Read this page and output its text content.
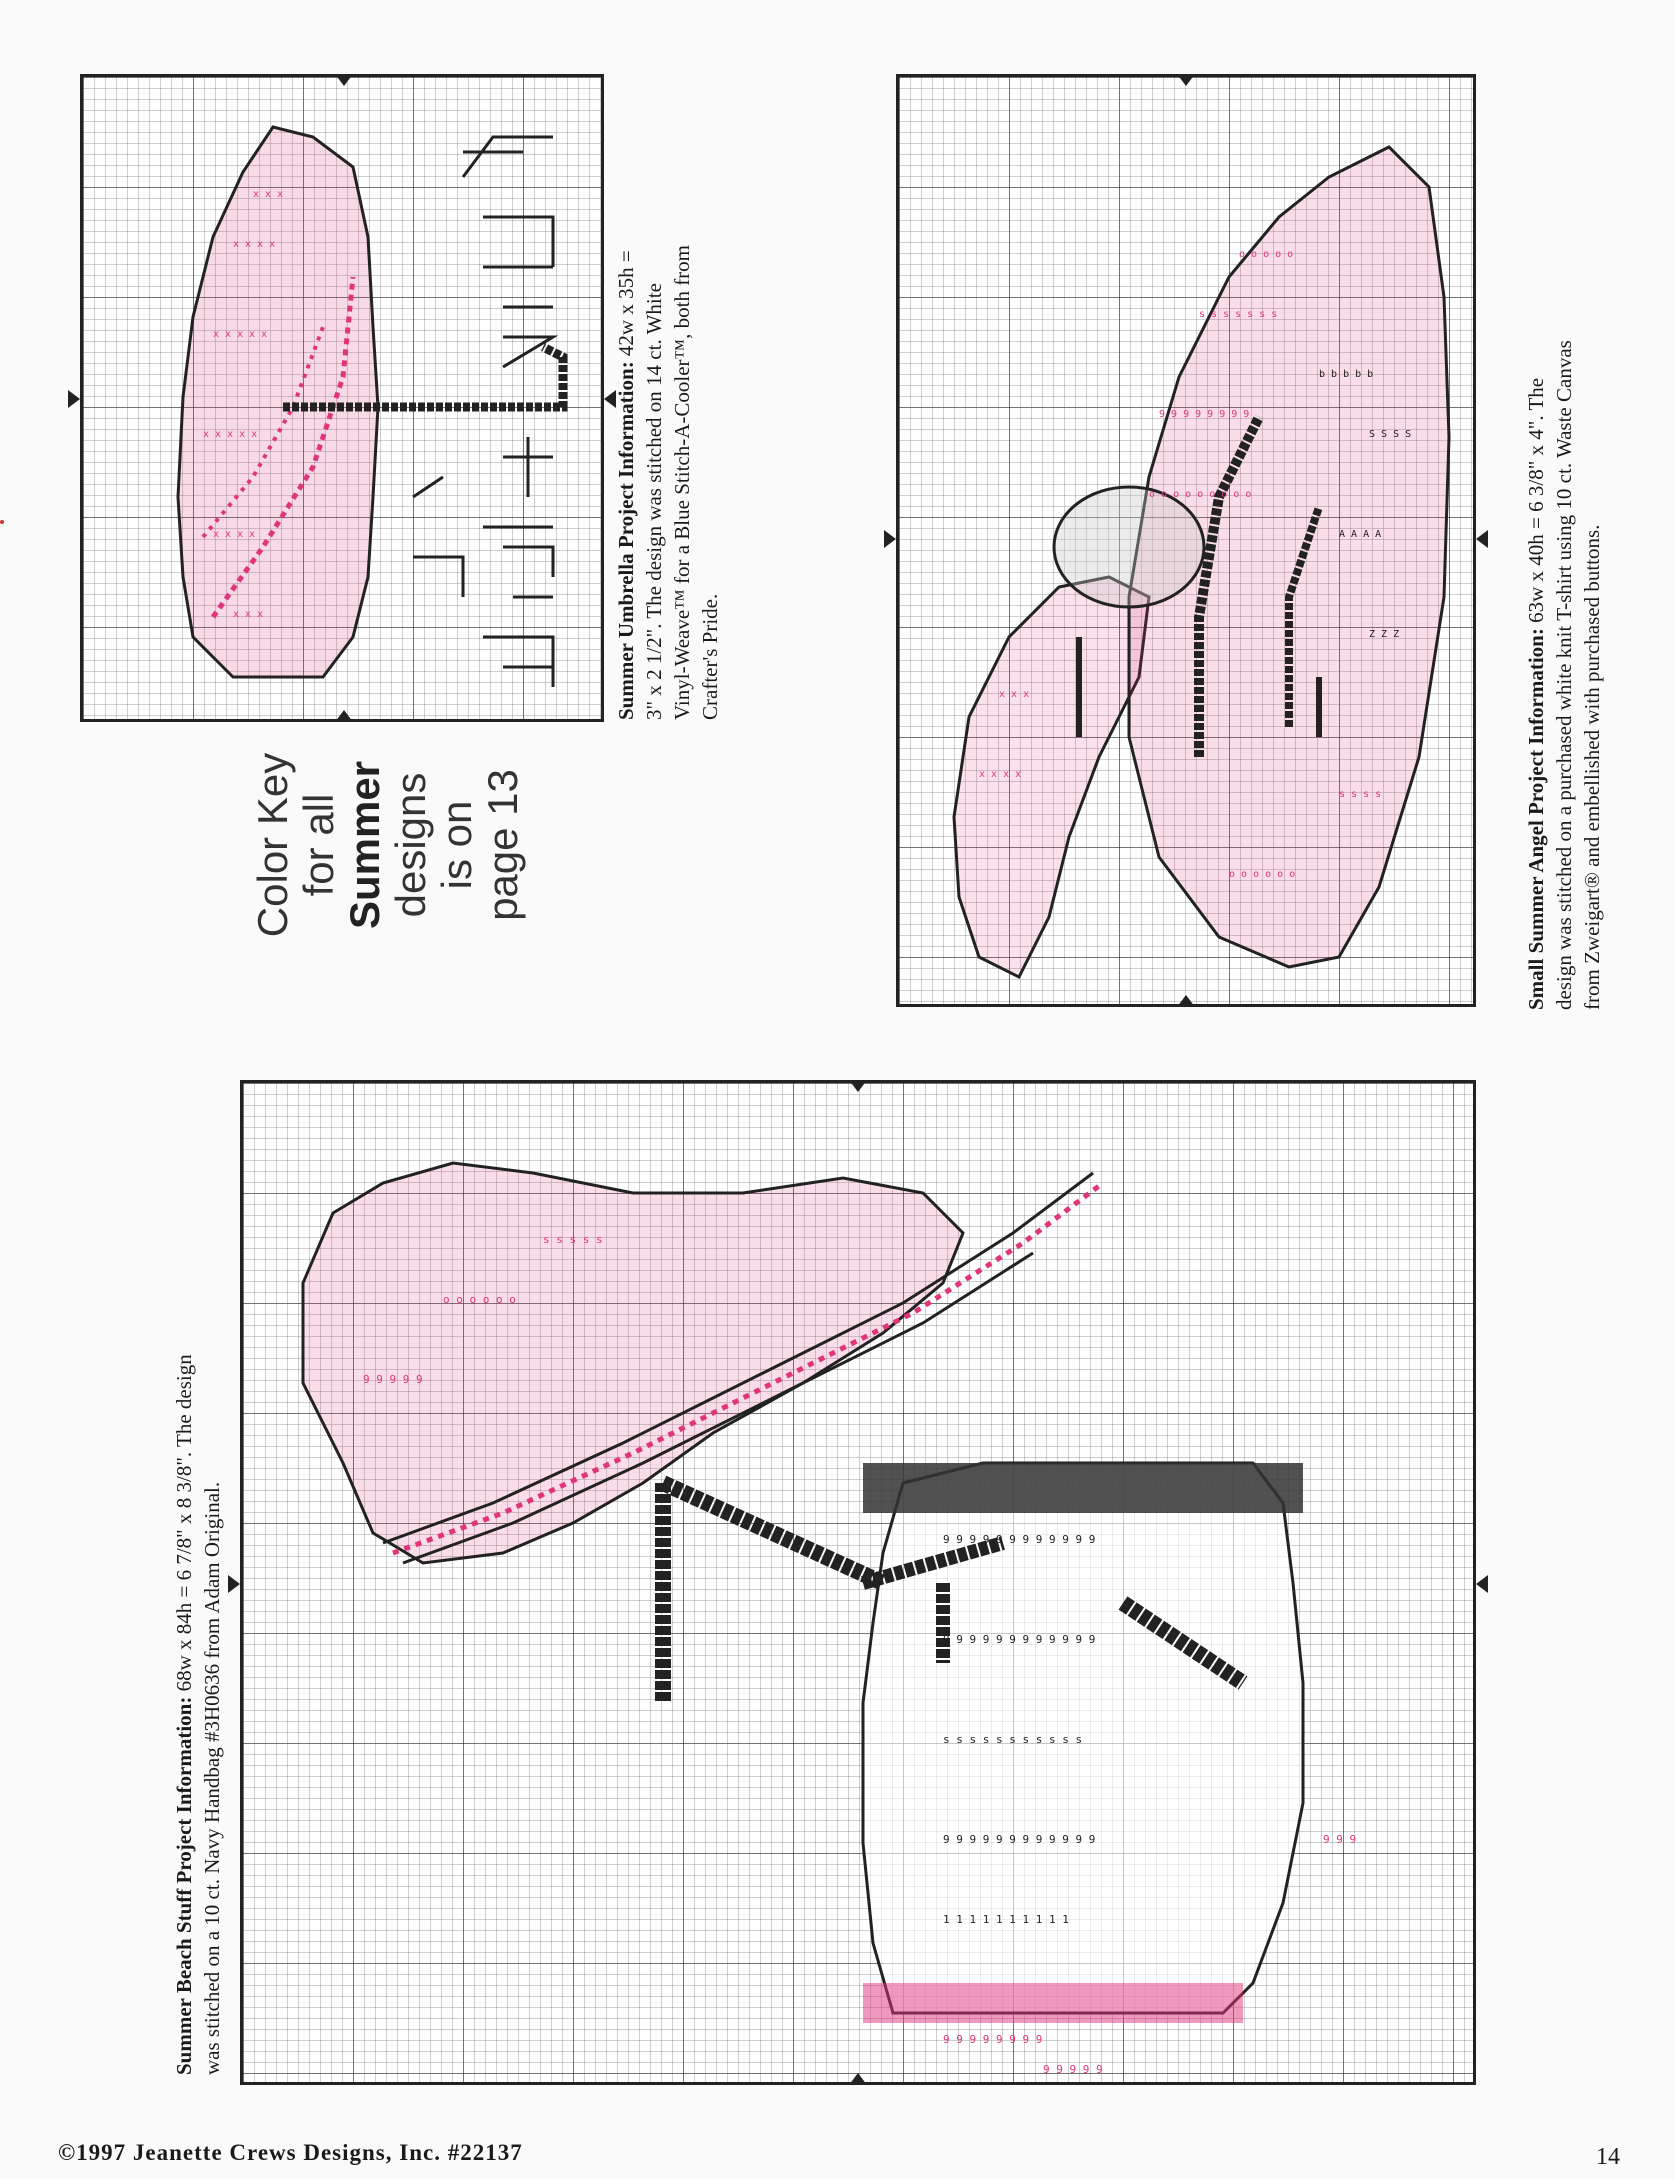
x x x
x x x x
x x x x x
x x x x x
x x x x
x x x
s s s s s s s
o o o o o
9 9 9 9 9 9 9 9
o o o o o o o o o
s s s s
o o o o o o
x x x x
x x x
b b b b b
S S S S
A A A A
Z Z Z
9 9 9 9 9
o o o o o o
s s s s s
9 9 9 9 9 9 9 9
9 9 9 9 9
9 9 9
9 9 9 9 9 9 9 9 9 9 9 9
9 9 9 9 9 9 9 9 9 9 9 9
s s s s s s s s s s s
9 9 9 9 9 9 9 9 9 9 9 9
1 1 1 1 1 1 1 1 1 1
Summer Umbrella Project Information: 42w x 35h = 3" x 2 1/2". The design was stitched on 14 ct. White Vinyl-Weave™ for a Blue Stitch-A-Cooler™, both from Crafter's Pride.	Small Summer Angel Project Information: 63w x 40h = 6 3/8" x 4". The design was stitched on a purchased white knit T-shirt using 10 ct. Waste Canvas from Zweigart® and embellished with purchased buttons.
Summer Beach Stuff Project Information: 68w x 84h = 6 7/8" x 8 3/8". The design was stitched on a 10 ct. Navy Handbag #3H0636 from Adam Original.
Color Key for all Summer designs is on page 13
©1997 Jeanette Crews Designs, Inc. #22137	14
